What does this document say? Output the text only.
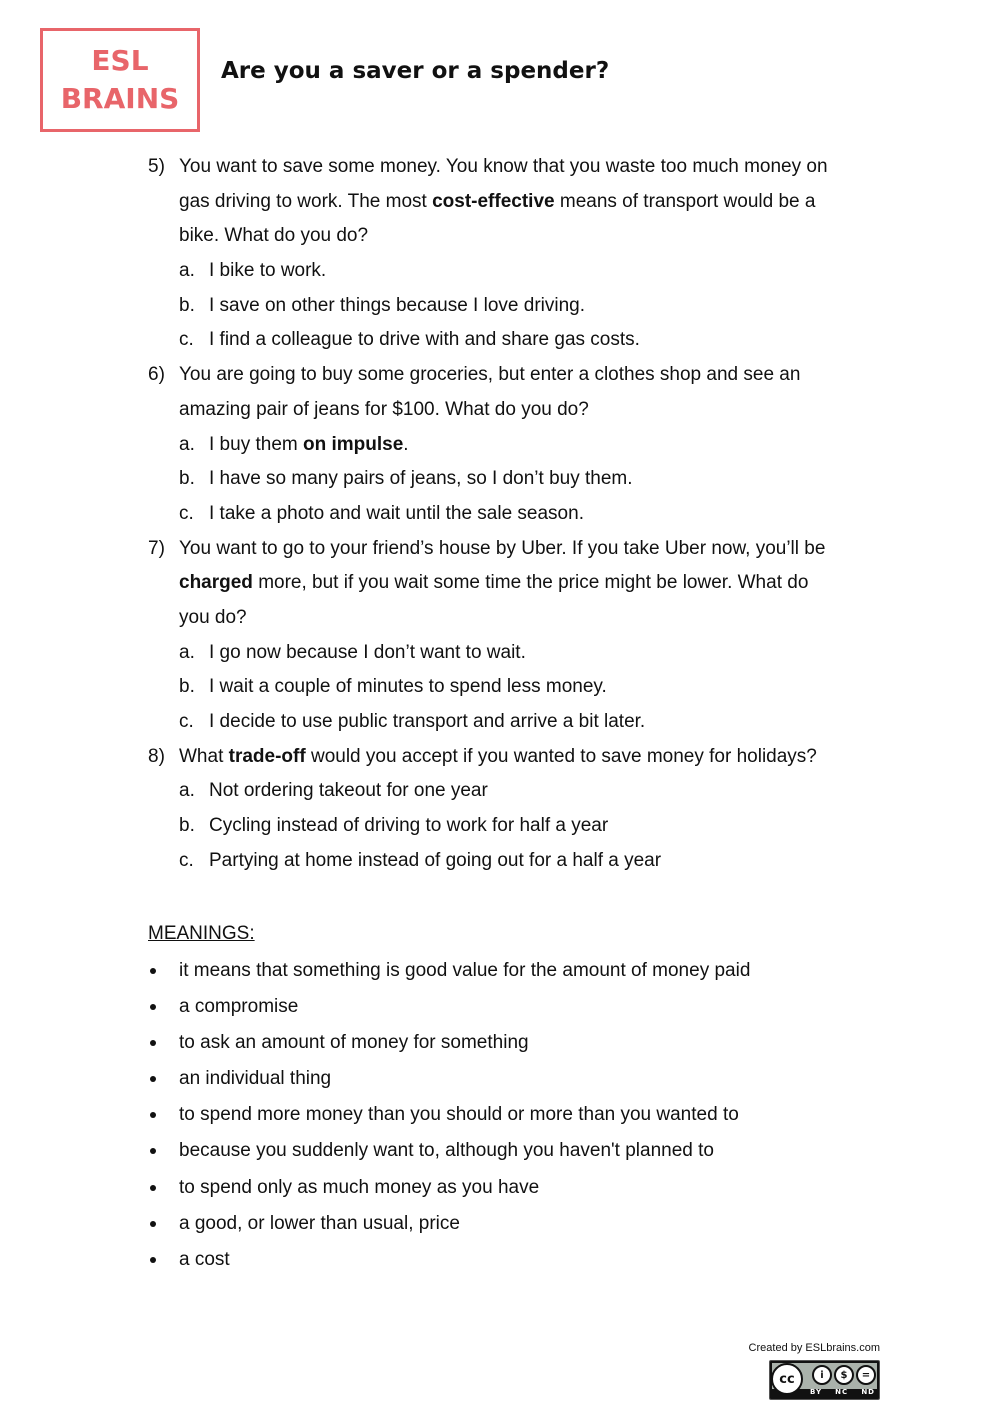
ESL
BRAINS
Are you a saver or a spender?
5) You want to save some money. You know that you waste too much money on
gas driving to work. The most cost-effective means of transport would be a
bike. What do you do?
a. I bike to work.
b. I save on other things because I love driving.
c. I find a colleague to drive with and share gas costs.
6) You are going to buy some groceries, but enter a clothes shop and see an
amazing pair of jeans for $100. What do you do?
a. I buy them on impulse.
b. I have so many pairs of jeans, so I don’t buy them.
c. I take a photo and wait until the sale season.
7) You want to go to your friend’s house by Uber. If you take Uber now, you’ll be
charged more, but if you wait some time the price might be lower. What do
you do?
a. I go now because I don’t want to wait.
b. I wait a couple of minutes to spend less money.
c. I decide to use public transport and arrive a bit later.
8) What trade-off would you accept if you wanted to save money for holidays?
a. Not ordering takeout for one year
b. Cycling instead of driving to work for half a year
c. Partying at home instead of going out for a half a year

MEANINGS:

it means that something is good value for the amount of money paid
a compromise
to ask an amount of money for something
an individual thing
to spend more money than you should or more than you wanted to
because you suddenly want to, although you haven't planned to
to spend only as much money as you have
a good, or lower than usual, price
a cost
Created by ESLbrains.com
cc	i	$	=
BY NC ND
